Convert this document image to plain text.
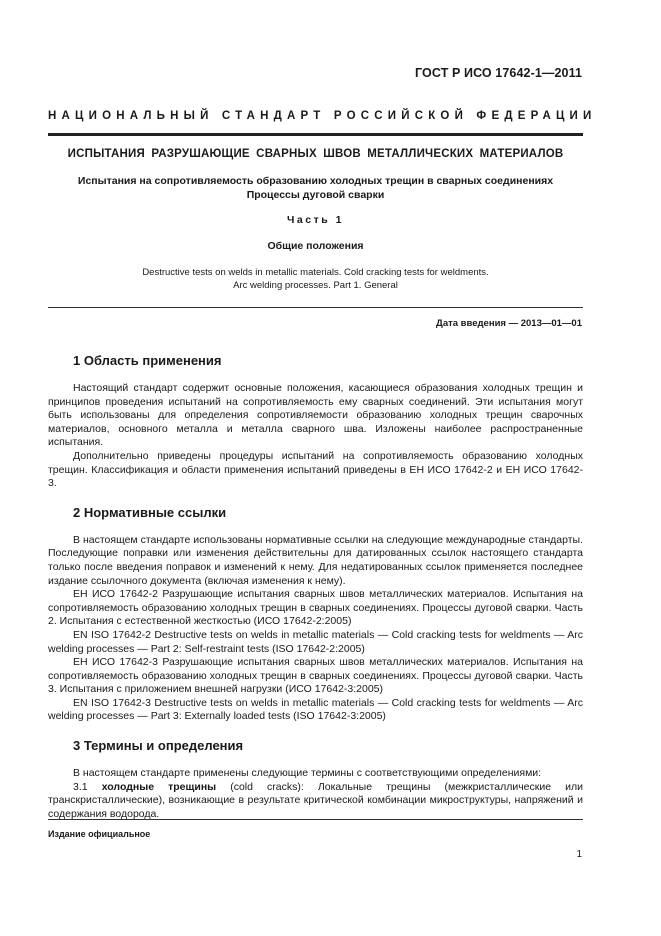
ГОСТ Р ИСО 17642-1—2011
НАЦИОНАЛЬНЫЙ СТАНДАРТ РОССИЙСКОЙ ФЕДЕРАЦИИ
ИСПЫТАНИЯ РАЗРУШАЮЩИЕ СВАРНЫХ ШВОВ МЕТАЛЛИЧЕСКИХ МАТЕРИАЛОВ
Испытания на сопротивляемость образованию холодных трещин в сварных соединениях
Процессы дуговой сварки
Часть 1
Общие положения
Destructive tests on welds in metallic materials. Cold cracking tests for weldments.
Arc welding processes. Part 1. General
Дата введения — 2013—01—01
1 Область применения

Настоящий стандарт содержит основные положения, касающиеся образования холодных трещин и принципов проведения испытаний на сопротивляемость ему сварных соединений. Эти испытания могут быть использованы для определения сопротивляемости образованию холодных трещин сварочных материалов, основного металла и металла сварного шва. Изложены наиболее распространенные испытания.

Дополнительно приведены процедуры испытаний на сопротивляемость образованию холодных трещин. Классификация и области применения испытаний приведены в ЕН ИСО 17642-2 и ЕН ИСО 17642-3.

2 Нормативные ссылки

В настоящем стандарте использованы нормативные ссылки на следующие международные стандарты. Последующие поправки или изменения действительны для датированных ссылок настоящего стандарта только после введения поправок и изменений к нему. Для недатированных ссылок применяется последнее издание ссылочного документа (включая изменения к нему).

ЕН ИСО 17642-2 Разрушающие испытания сварных швов металлических материалов. Испытания на сопротивляемость образованию холодных трещин в сварных соединениях. Процессы дуговой сварки. Часть 2. Испытания с естественной жесткостью (ИСО 17642-2:2005)

EN ISO 17642-2 Destructive tests on welds in metallic materials — Cold cracking tests for weldments — Arc welding processes — Part 2: Self-restraint tests (ISO 17642-2:2005)

ЕН ИСО 17642-3 Разрушающие испытания сварных швов металлических материалов. Испытания на сопротивляемость образованию холодных трещин в сварных соединениях. Процессы дуговой сварки. Часть 3. Испытания с приложением внешней нагрузки (ИСО 17642-3:2005)

EN ISO 17642-3 Destructive tests on welds in metallic materials — Cold cracking tests for weldments — Arc welding processes — Part 3: Externally loaded tests (ISO 17642-3:2005)

3 Термины и определения

В настоящем стандарте применены следующие термины с соответствующими определениями:

3.1 холодные трещины (cold cracks): Локальные трещины (межкристаллические или транскристаллические), возникающие в результате критической комбинации микроструктуры, напряжений и содержания водорода.

Издание официальное
1
